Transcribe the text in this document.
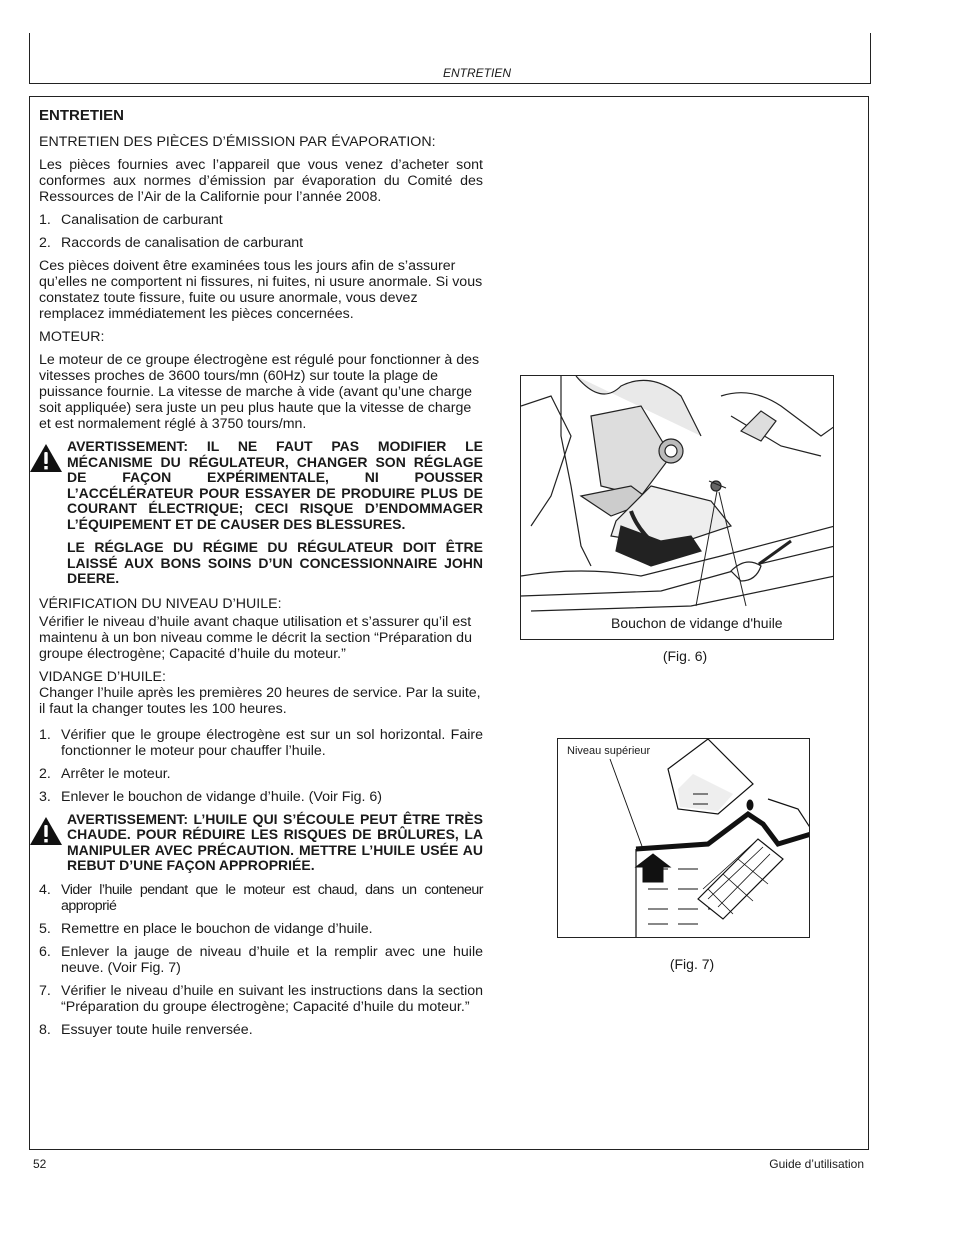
ENTRETIEN

ENTRETIEN

ENTRETIEN DES PIÈCES D’ÉMISSION PAR ÉVAPORATION:

Les pièces fournies avec l’appareil que vous venez d’acheter sont conformes aux normes d’émission par évaporation du Comité des Ressources de l’Air de la Californie pour l’année 2008.

1. Canalisation de carburant
2. Raccords de canalisation de carburant

Ces pièces doivent être examinées tous les jours afin de s’assurer qu’elles ne comportent ni fissures, ni fuites, ni usure anormale. Si vous constatez toute fissure, fuite ou usure anormale, vous devez remplacez immédiatement les pièces concernées.

MOTEUR:

Le moteur de ce groupe électrogène est régulé pour fonctionner à des vitesses proches de 3600 tours/mn (60Hz) sur toute la plage de puissance fournie. La vitesse de marche à vide (avant qu’une charge soit appliquée) sera juste un peu plus haute que la vitesse de charge et est normalement réglé à 3750 tours/mn.

AVERTISSEMENT: IL NE FAUT PAS MODIFIER LE MÉCANISME DU RÉGULATEUR, CHANGER SON RÉGLAGE DE FAÇON EXPÉRIMENTALE, NI POUSSER L’ACCÉLÉRATEUR POUR ESSAYER DE PRODUIRE PLUS DE COURANT ÉLECTRIQUE; CECI RISQUE D’ENDOMMAGER L’ÉQUIPEMENT ET DE CAUSER DES BLESSURES.
LE RÉGLAGE DU RÉGIME DU RÉGULATEUR DOIT ÊTRE LAISSÉ AUX BONS SOINS D’UN CONCESSIONNAIRE JOHN DEERE.

VÉRIFICATION DU NIVEAU D’HUILE:

Vérifier le niveau d’huile avant chaque utilisation et s’assurer qu’il est maintenu à un bon niveau comme le décrit la section “Préparation du groupe électrogène; Capacité d’huile du moteur.”

VIDANGE D’HUILE:

Changer l’huile après les premières 20 heures de service. Par la suite, il faut la changer toutes les 100 heures.

1. Vérifier que le groupe électrogène est sur un sol horizontal. Faire fonctionner le moteur pour chauffer l’huile.
2. Arrêter le moteur.
3. Enlever le bouchon de vidange d’huile. (Voir Fig. 6)
AVERTISSEMENT: L’HUILE QUI S’ÉCOULE PEUT ÊTRE TRÈS CHAUDE. POUR RÉDUIRE LES RISQUES DE BRÛLURES, LA MANIPULER AVEC PRÉCAUTION. METTRE L’HUILE USÉE AU REBUT D’UNE FAÇON APPROPRIÉE.
4. Vider l’huile pendant que le moteur est chaud, dans un conteneur approprié
5. Remettre en place le bouchon de vidange d’huile.
6. Enlever la jauge de niveau d’huile et la remplir avec une huile neuve. (Voir Fig. 7)
7. Vérifier le niveau d’huile en suivant les instructions dans la section “Préparation du groupe électrogène; Capacité d’huile du moteur.”
8. Essuyer toute huile renversée.
Bouchon de vidange d'huile
(Fig. 6)
Niveau supérieur
(Fig. 7)
52	Guide d’utilisation
